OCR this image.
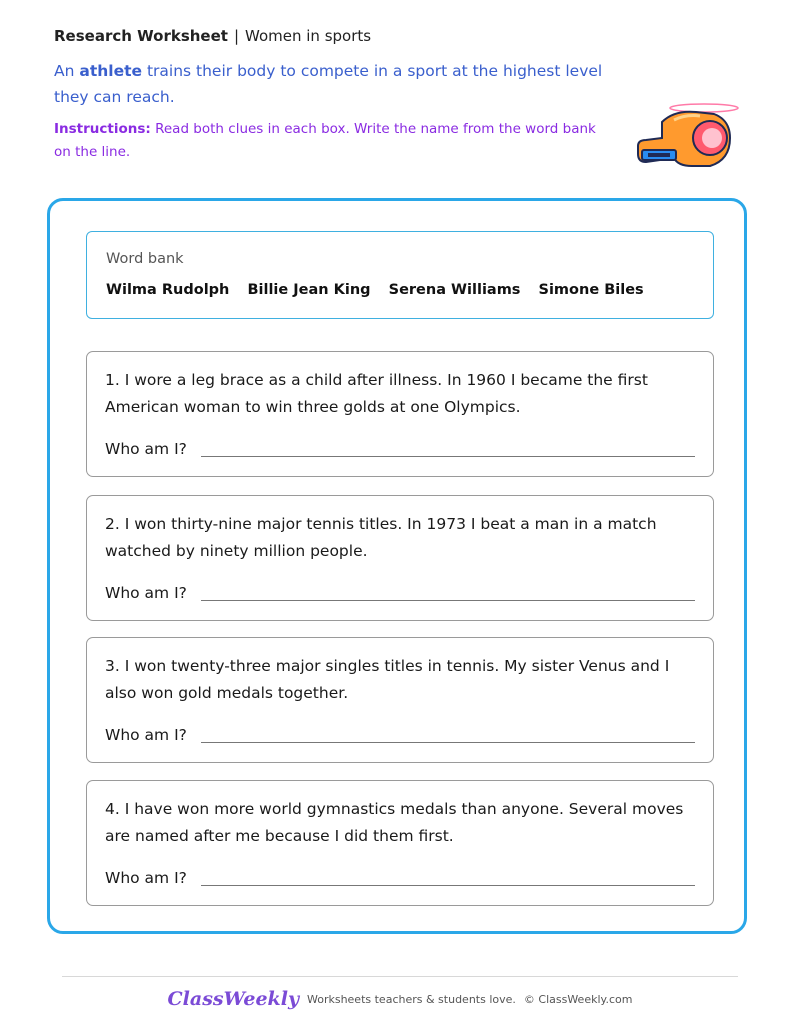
Research Worksheet | Women in sports
An athlete trains their body to compete in a sport at the highest level they can reach.
Instructions: Read both clues in each box. Write the name from the word bank on the line.
Word bank
Wilma Rudolph Billie Jean King Serena Williams Simone Biles
1. I wore a leg brace as a child after illness. In 1960 I became the first American woman to win three golds at one Olympics.
Who am I?
2. I won thirty-nine major tennis titles. In 1973 I beat a man in a match watched by ninety million people.
Who am I?
3. I won twenty-three major singles titles in tennis. My sister Venus and I also won gold medals together.
Who am I?
4. I have won more world gymnastics medals than anyone. Several moves are named after me because I did them first.
Who am I?
ClassWeekly Worksheets teachers & students love. © ClassWeekly.com
